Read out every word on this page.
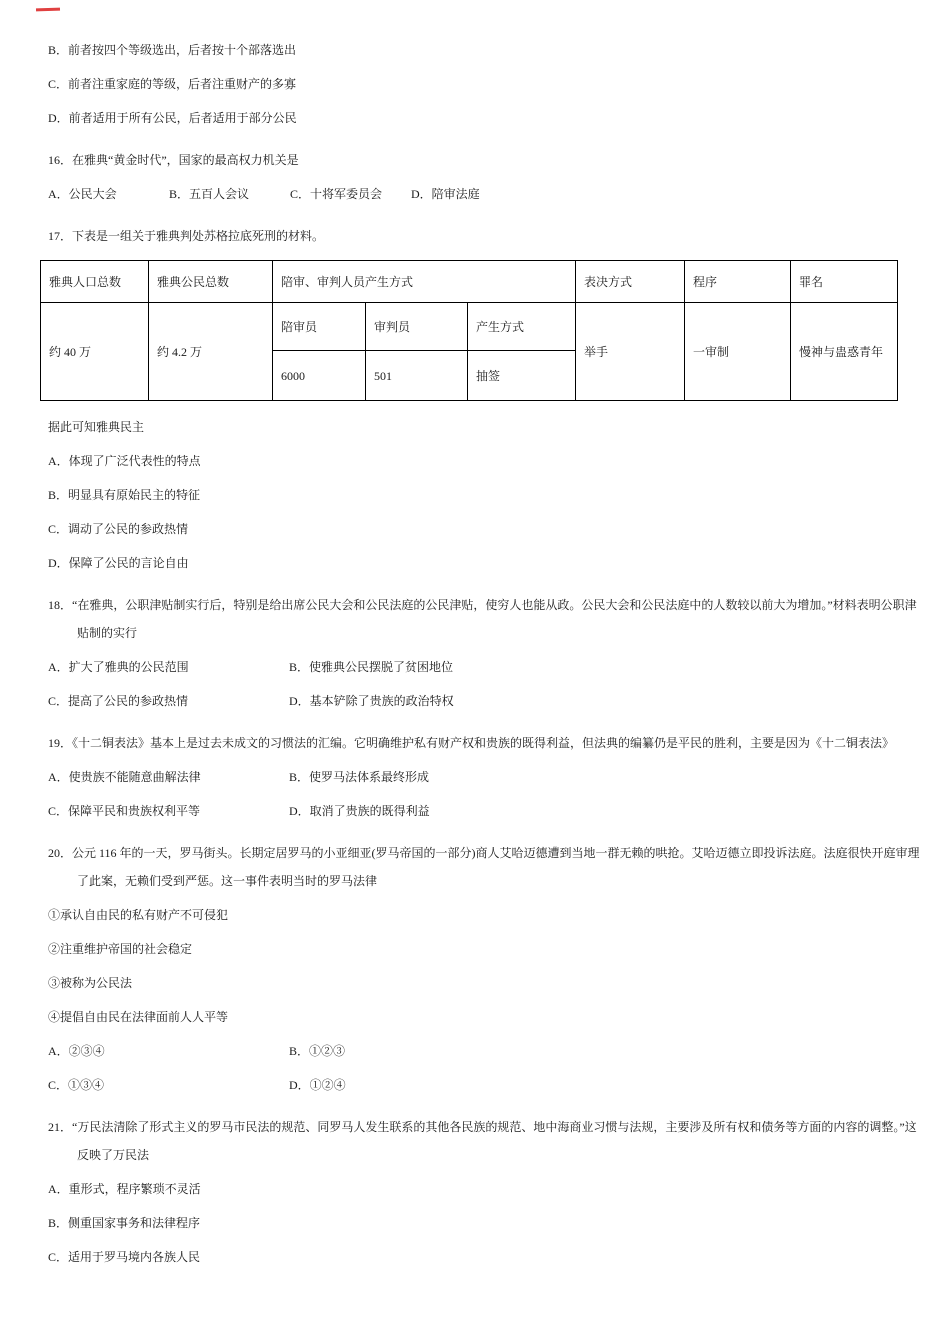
B．前者按四个等级选出，后者按十个部落选出
C．前者注重家庭的等级，后者注重财产的多寡
D．前者适用于所有公民，后者适用于部分公民
16．在雅典“黄金时代”，国家的最高权力机关是
A．公民大会	B．五百人会议	C．十将军委员会 D．陪审法庭
17．下表是一组关于雅典判处苏格拉底死刑的材料。
雅典人口总数	雅典公民总数	陪审、审判人员产生方式			表决方式	程序	罪名
约 40 万	约 4.2 万	陪审员	审判员	产生方式	举手	一审制	慢神与蛊惑青年
		6000	501	抽签			
据此可知雅典民主
A．体现了广泛代表性的特点
B．明显具有原始民主的特征
C．调动了公民的参政热情
D．保障了公民的言论自由
18．“在雅典，公职津贴制实行后，特别是给出席公民大会和公民法庭的公民津贴，使穷人也能从政。公民大会和公民法庭中的人数较以前大为增加。”材料表明公职津贴制的实行
A．扩大了雅典的公民范围	B．使雅典公民摆脱了贫困地位
C．提高了公民的参政热情	D．基本铲除了贵族的政治特权
19．《十二铜表法》基本上是过去未成文的习惯法的汇编。它明确维护私有财产权和贵族的既得利益，但法典的编纂仍是平民的胜利，主要是因为《十二铜表法》
A．使贵族不能随意曲解法律	B．使罗马法体系最终形成
C．保障平民和贵族权利平等	D．取消了贵族的既得利益
20．公元 116 年的一天，罗马街头。长期定居罗马的小亚细亚(罗马帝国的一部分)商人艾哈迈德遭到当地一群无赖的哄抢。艾哈迈德立即投诉法庭。法庭很快开庭审理了此案，无赖们受到严惩。这一事件表明当时的罗马法律
①承认自由民的私有财产不可侵犯
②注重维护帝国的社会稳定
③被称为公民法
④提倡自由民在法律面前人人平等
A．②③④	B．①②③
C．①③④	D．①②④
21．“万民法清除了形式主义的罗马市民法的规范、同罗马人发生联系的其他各民族的规范、地中海商业习惯与法规，主要涉及所有权和债务等方面的内容的调整。”这反映了万民法
A．重形式，程序繁琐不灵活
B．侧重国家事务和法律程序
C．适用于罗马境内各族人民
